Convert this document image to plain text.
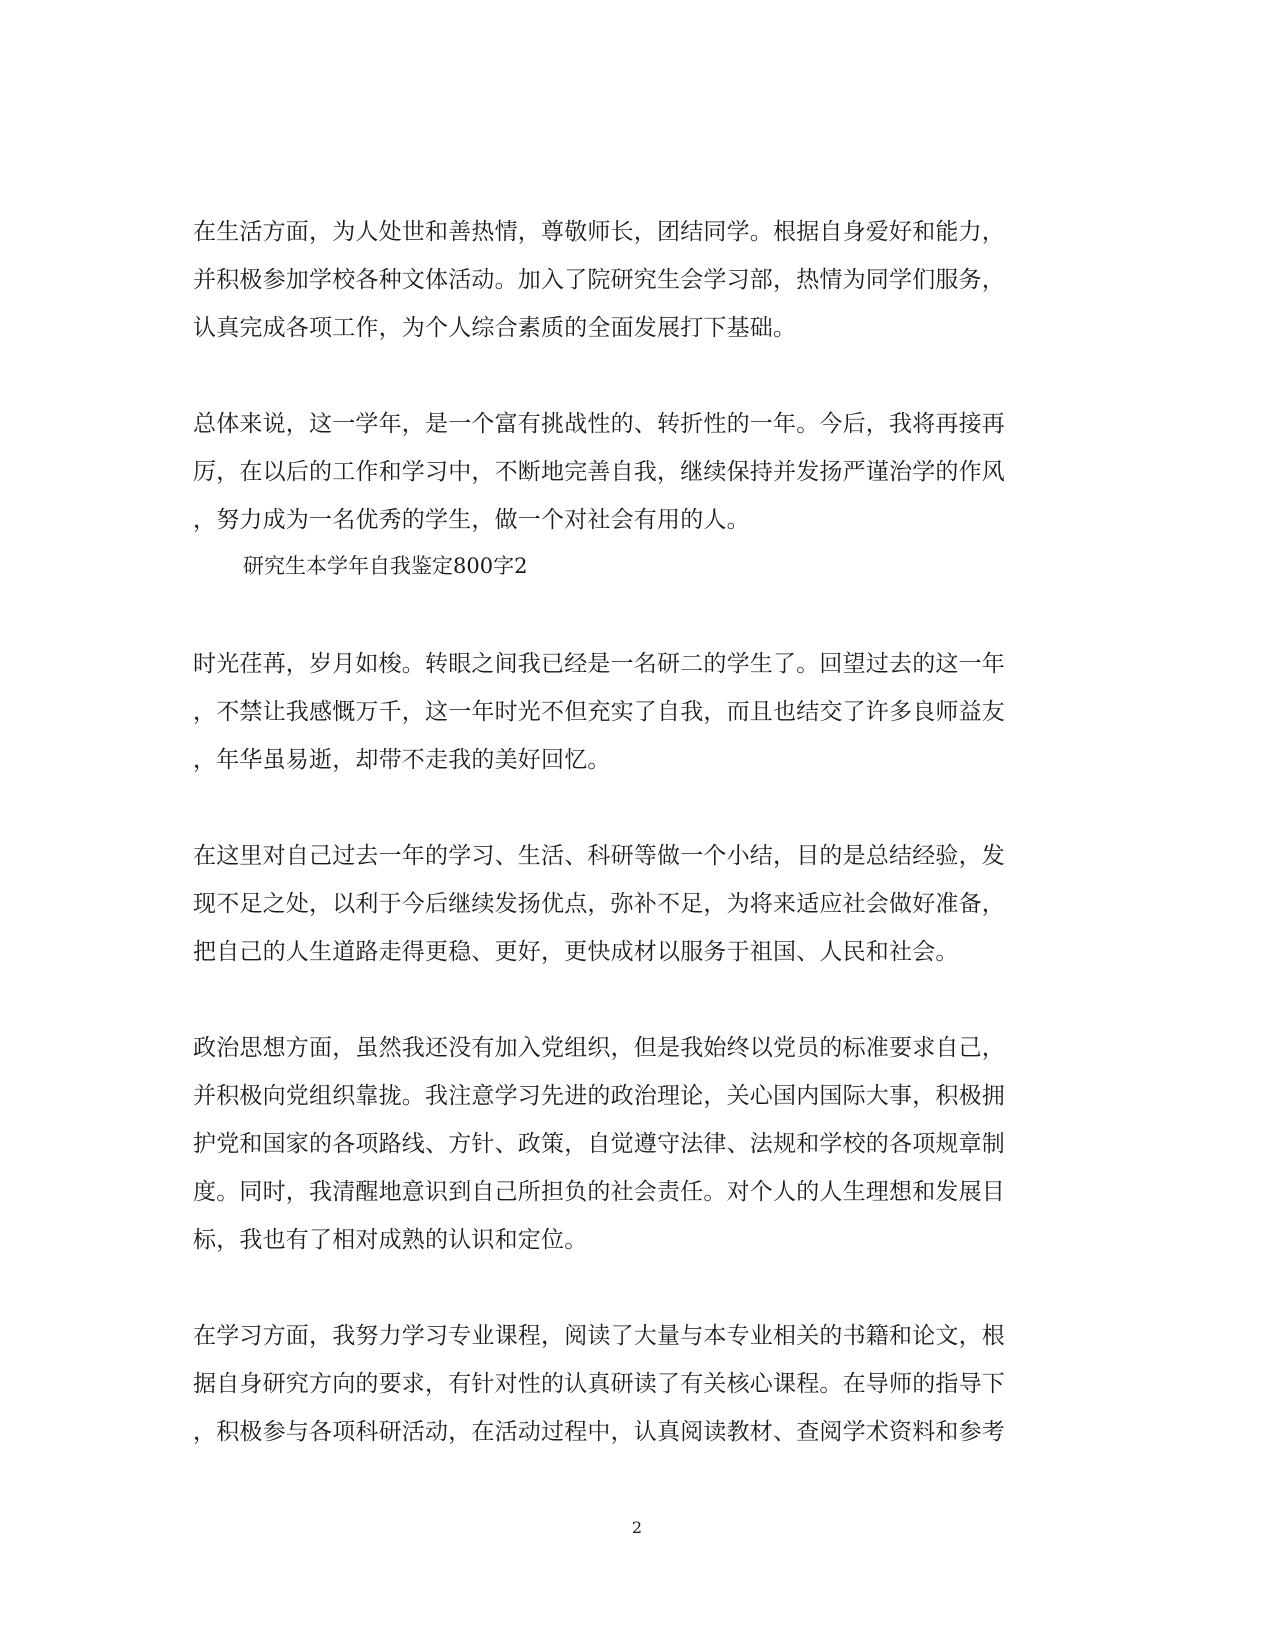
在生活方面，为人处世和善热情，尊敬师长，团结同学。根据自身爱好和能力，
并积极参加学校各种文体活动。加入了院研究生会学习部，热情为同学们服务，
认真完成各项工作，为个人综合素质的全面发展打下基础。
总体来说，这一学年，是一个富有挑战性的、转折性的一年。今后，我将再接再
厉，在以后的工作和学习中，不断地完善自我，继续保持并发扬严谨治学的作风
，努力成为一名优秀的学生，做一个对社会有用的人。
研究生本学年自我鉴定800字2
时光荏苒，岁月如梭。转眼之间我已经是一名研二的学生了。回望过去的这一年
，不禁让我感慨万千，这一年时光不但充实了自我，而且也结交了许多良师益友
，年华虽易逝，却带不走我的美好回忆。
在这里对自己过去一年的学习、生活、科研等做一个小结，目的是总结经验，发
现不足之处，以利于今后继续发扬优点，弥补不足，为将来适应社会做好准备，
把自己的人生道路走得更稳、更好，更快成材以服务于祖国、人民和社会。
政治思想方面，虽然我还没有加入党组织，但是我始终以党员的标准要求自己，
并积极向党组织靠拢。我注意学习先进的政治理论，关心国内国际大事，积极拥
护党和国家的各项路线、方针、政策，自觉遵守法律、法规和学校的各项规章制
度。同时，我清醒地意识到自己所担负的社会责任。对个人的人生理想和发展目
标，我也有了相对成熟的认识和定位。
在学习方面，我努力学习专业课程，阅读了大量与本专业相关的书籍和论文，根
据自身研究方向的要求，有针对性的认真研读了有关核心课程。在导师的指导下
，积极参与各项科研活动，在活动过程中，认真阅读教材、查阅学术资料和参考
2
